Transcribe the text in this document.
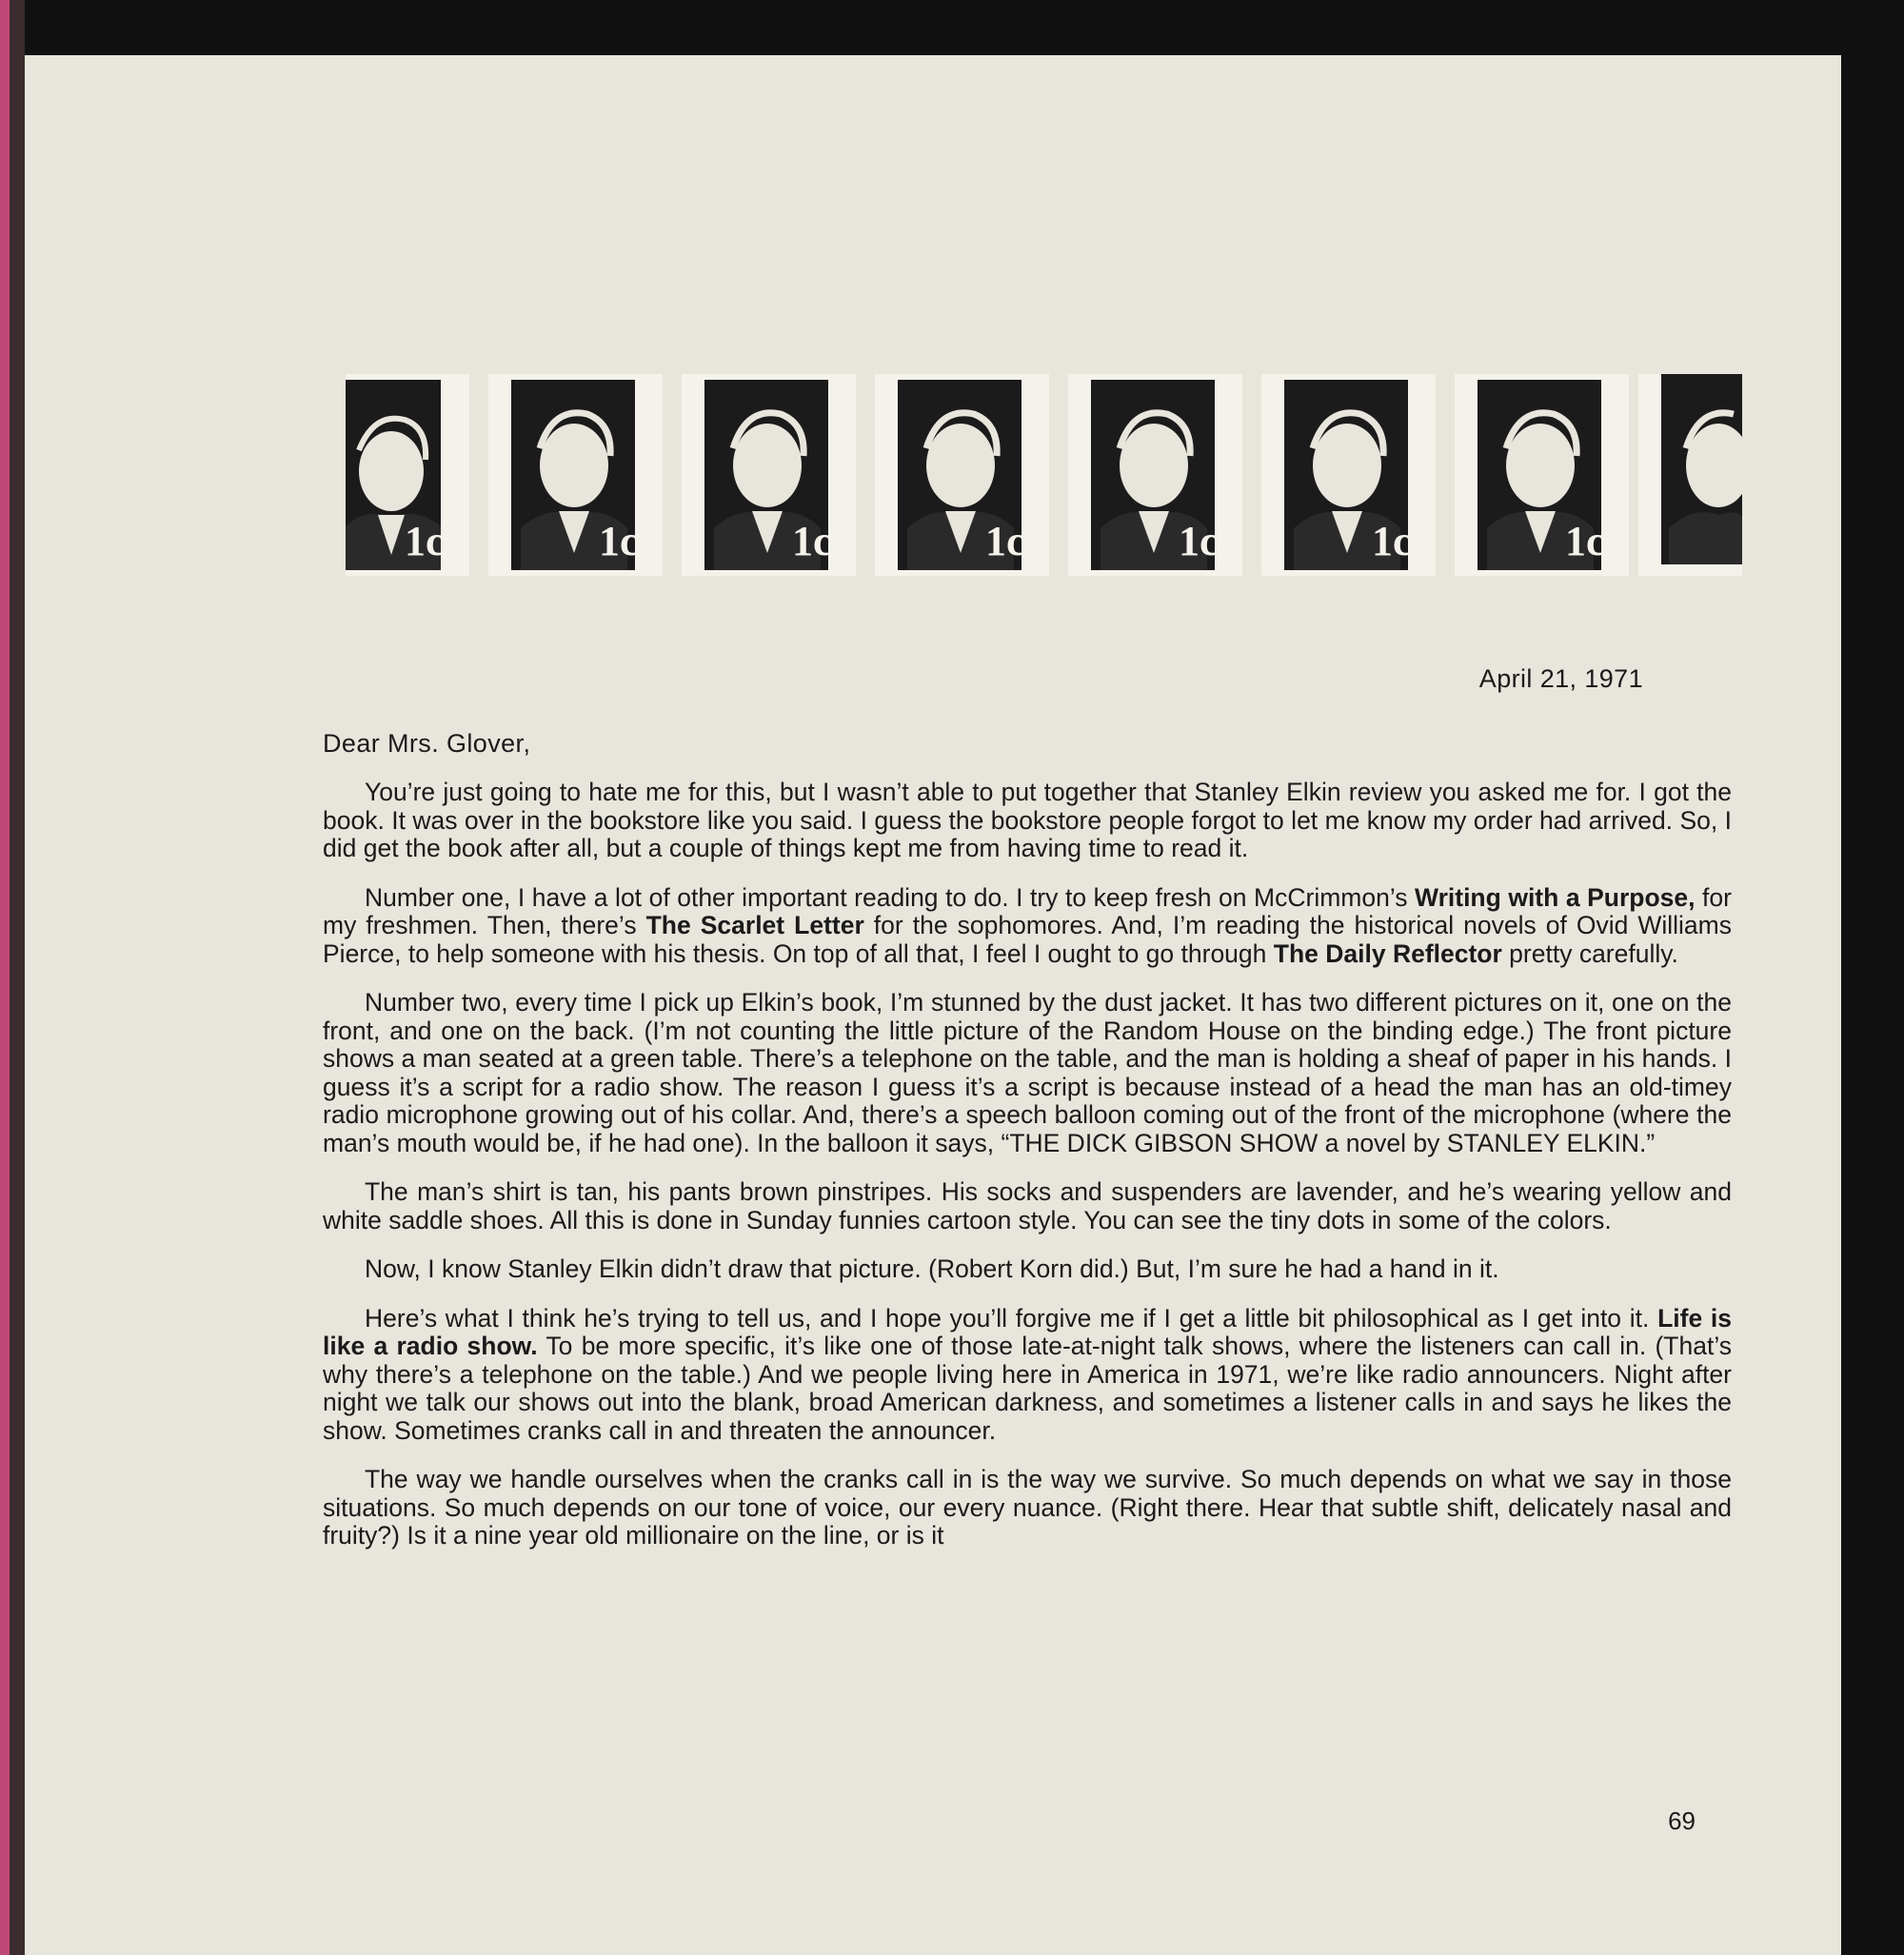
UNITED STATES
1c	THOMAS JEFFERSON	UNITED STATES
1c	THOMAS JEFFERSON	UNITED STATES
1c	THOMAS JEFFERSON	UNITED STATES
1c	THOMAS JEFFERSON	UNITED STATES
1c	THOMAS JEFFERSON	UNITED STATES
1c	THOMAS JEFFERSON	UNITED STATES
1c THOMAS JEFFERSON
April 21, 1971
Dear Mrs. Glover,

You’re just going to hate me for this, but I wasn’t able to put together that Stanley Elkin review you asked me for. I got the book. It was over in the bookstore like you said. I guess the bookstore people forgot to let me know my order had arrived. So, I did get the book after all, but a couple of things kept me from having time to read it.

Number one, I have a lot of other important reading to do. I try to keep fresh on McCrimmon’s Writing with a Purpose, for my freshmen. Then, there’s The Scarlet Letter for the sophomores. And, I’m reading the historical novels of Ovid Williams Pierce, to help someone with his thesis. On top of all that, I feel I ought to go through The Daily Reflector pretty carefully.

Number two, every time I pick up Elkin’s book, I’m stunned by the dust jacket. It has two different pictures on it, one on the front, and one on the back. (I’m not counting the little picture of the Random House on the binding edge.) The front picture shows a man seated at a green table. There’s a telephone on the table, and the man is holding a sheaf of paper in his hands. I guess it’s a script for a radio show. The reason I guess it’s a script is because instead of a head the man has an old-timey radio microphone growing out of his collar. And, there’s a speech balloon coming out of the front of the microphone (where the man’s mouth would be, if he had one). In the balloon it says, “THE DICK GIBSON SHOW a novel by STANLEY ELKIN.”

The man’s shirt is tan, his pants brown pinstripes. His socks and suspenders are lavender, and he’s wearing yellow and white saddle shoes. All this is done in Sunday funnies cartoon style. You can see the tiny dots in some of the colors.

Now, I know Stanley Elkin didn’t draw that picture. (Robert Korn did.) But, I’m sure he had a hand in it.

Here’s what I think he’s trying to tell us, and I hope you’ll forgive me if I get a little bit philosophical as I get into it. Life is like a radio show. To be more specific, it’s like one of those late-at-night talk shows, where the listeners can call in. (That’s why there’s a telephone on the table.) And we people living here in America in 1971, we’re like radio announcers. Night after night we talk our shows out into the blank, broad American darkness, and sometimes a listener calls in and says he likes the show. Sometimes cranks call in and threaten the announcer.

The way we handle ourselves when the cranks call in is the way we survive. So much depends on what we say in those situations. So much depends on our tone of voice, our every nuance. (Right there. Hear that subtle shift, delicately nasal and fruity?) Is it a nine year old millionaire on the line, or is it

69
